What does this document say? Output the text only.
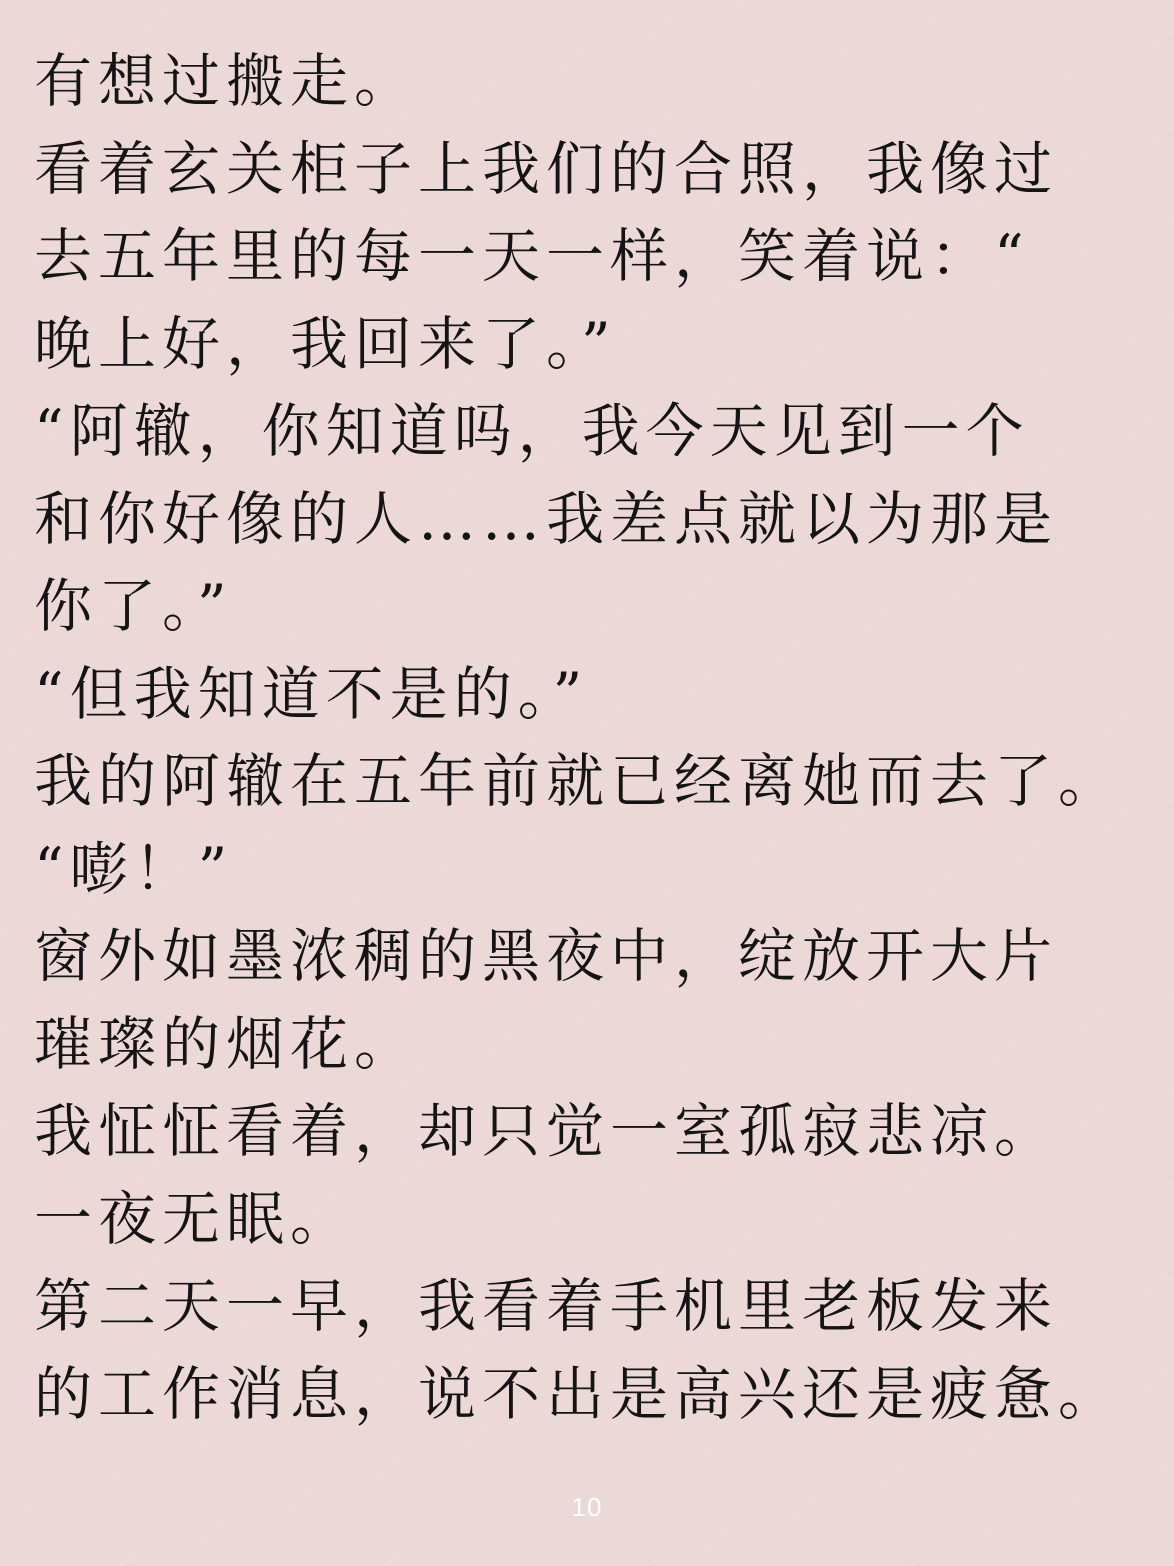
有想过搬走。
看着玄关柜子上我们的合照，我像过
去五年里的每一天一样，笑着说：“
晚上好，我回来了。”
“阿辙，你知道吗，我今天见到一个
和你好像的人……我差点就以为那是
你了。”
“但我知道不是的。”
我的阿辙在五年前就已经离她而去了。
“嘭！”
窗外如墨浓稠的黑夜中，绽放开大片
璀璨的烟花。
我怔怔看着，却只觉一室孤寂悲凉。
一夜无眠。
第二天一早，我看着手机里老板发来
的工作消息，说不出是高兴还是疲惫。
10
